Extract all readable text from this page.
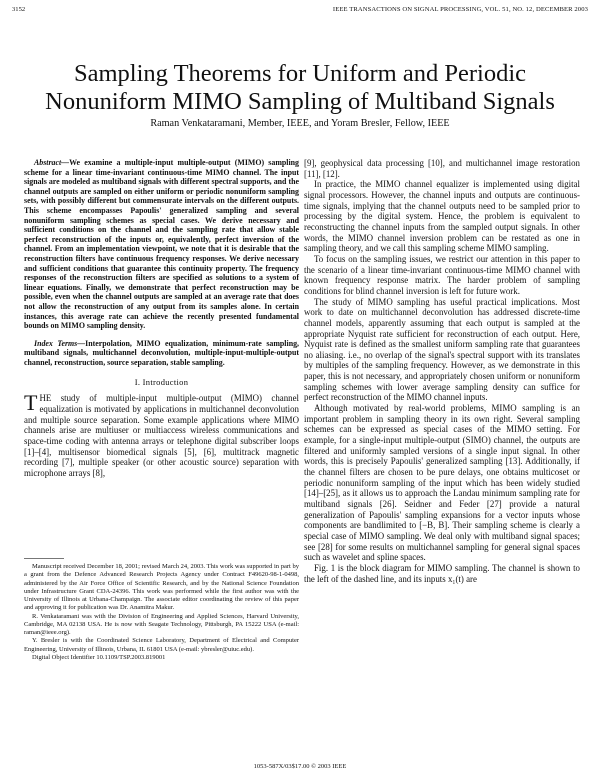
3152	IEEE TRANSACTIONS ON SIGNAL PROCESSING, VOL. 51, NO. 12, DECEMBER 2003
Sampling Theorems for Uniform and Periodic
Nonuniform MIMO Sampling of Multiband Signals
Raman Venkataramani, Member, IEEE, and Yoram Bresler, Fellow, IEEE

Abstract—We examine a multiple-input multiple-output (MIMO) sampling scheme for a linear time-invariant continuous-time MIMO channel. The input signals are modeled as multiband signals with different spectral supports, and the channel outputs are sampled on either uniform or periodic nonuniform sampling sets, with possibly different but commensurate intervals on the different outputs. This scheme encompasses Papoulis' generalized sampling and several nonuniform sampling schemes as special cases. We derive necessary and sufficient conditions on the channel and the sampling rate that allow stable perfect reconstruction of the inputs or, equivalently, perfect inversion of the channel. From an implementation viewpoint, we note that it is desirable that the reconstruction filters have continuous frequency responses. We derive necessary and sufficient conditions that guarantee this continuity property. The frequency responses of the reconstruction filters are specified as solutions to a system of linear equations. Finally, we demonstrate that perfect reconstruction may be possible, even when the channel outputs are sampled at an average rate that does not allow the reconstruction of any output from its samples alone. In certain instances, this average rate can achieve the recently presented fundamental bounds on MIMO sampling density.

Index Terms—Interpolation, MIMO equalization, minimum-rate sampling, multiband signals, multichannel deconvolution, multiple-input-multiple-output channel, reconstruction, source separation, stable sampling.

I. Introduction

THE study of multiple-input multiple-output (MIMO) channel equalization is motivated by applications in multichannel deconvolution and multiple source separation. Some example applications where MIMO channels arise are multiuser or multiaccess wireless communications and space-time coding with antenna arrays or telephone digital subscriber loops [1]–[4], multisensor biomedical signals [5], [6], multitrack magnetic recording [7], multiple speaker (or other acoustic source) separation with microphone arrays [8],

Manuscript received December 18, 2001; revised March 24, 2003. This work was supported in part by a grant from the Defence Advanced Research Projects Agency under Contract F49620-98-1-0498, administered by the Air Force Office of Scientific Research, and by the National Science Foundation under Infrastructure Grant CDA-24396. This work was performed while the first author was with the University of Illinois at Urbana-Champaign. The associate editor coordinating the review of this paper and approving it for publication was Dr. Anamitra Makur.

R. Venkataramani was with the Division of Engineering and Applied Sciences, Harvard University, Cambridge, MA 02138 USA. He is now with Seagate Technology, Pittsburgh, PA 15222 USA (e-mail: raman@ieee.org).

Y. Bresler is with the Coordinated Science Laboratory, Department of Electrical and Computer Engineering, University of Illinois, Urbana, IL 61801 USA (e-mail: ybresler@uiuc.edu).

Digital Object Identifier 10.1109/TSP.2003.819001

[9], geophysical data processing [10], and multichannel image restoration [11], [12].

In practice, the MIMO channel equalizer is implemented using digital signal processors. However, the channel inputs and outputs are continuous-time signals, implying that the channel outputs need to be sampled prior to processing by the digital system. Hence, the problem is equivalent to reconstructing the channel inputs from the sampled output signals. In other words, the MIMO channel inversion problem can be restated as one in sampling theory, and we call this sampling scheme MIMO sampling.

To focus on the sampling issues, we restrict our attention in this paper to the scenario of a linear time-invariant continuous-time MIMO channel with known frequency response matrix. The harder problem of sampling conditions for blind channel inversion is left for future work.

The study of MIMO sampling has useful practical implications. Most work to date on multichannel deconvolution has addressed discrete-time channel models, apparently assuming that each output is sampled at the appropriate Nyquist rate sufficient for reconstruction of each output. Here, Nyquist rate is defined as the smallest uniform sampling rate that guarantees no aliasing. i.e., no overlap of the signal's spectral support with its translates by multiples of the sampling frequency. However, as we demonstrate in this paper, this is not necessary, and appropriately chosen uniform or nonuniform sampling schemes with lower average sampling density can suffice for perfect reconstruction of the MIMO channel inputs.

Although motivated by real-world problems, MIMO sampling is an important problem in sampling theory in its own right. Several sampling schemes can be expressed as special cases of the MIMO setting. For example, for a single-input multiple-output (SIMO) channel, the outputs are filtered and uniformly sampled versions of a single input signal. In other words, this is precisely Papoulis' generalized sampling [13]. Additionally, if the channel filters are chosen to be pure delays, one obtains multicoset or periodic nonuniform sampling of the input which has been widely studied [14]–[25], as it allows us to approach the Landau minimum sampling rate for multiband signals [26]. Seidner and Feder [27] provide a natural generalization of Papoulis' sampling expansions for a vector inputs whose components are bandlimited to [−B, B]. Their sampling scheme is clearly a special case of MIMO sampling. We deal only with multiband signal spaces; see [28] for some results on multichannel sampling for general signal spaces such as wavelet and spline spaces.

Fig. 1 is the block diagram for MIMO sampling. The channel is shown to the left of the dashed line, and its inputs x₁(t) are

1053-587X/03$17.00 © 2003 IEEE
